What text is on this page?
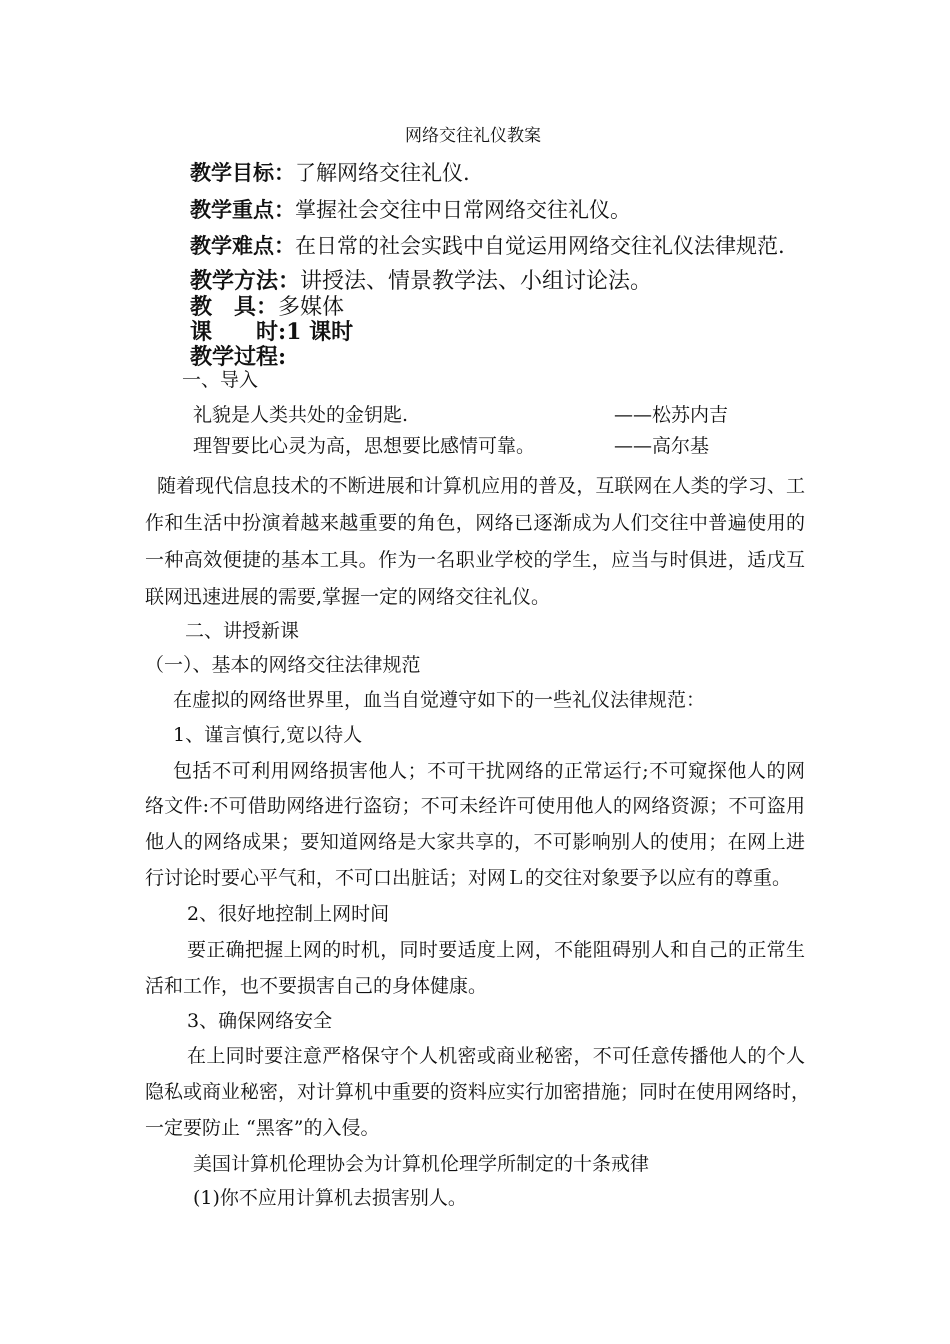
网络交往礼仪教案
教学目标：了解网络交往礼仪.
教学重点：掌握社会交往中日常网络交往礼仪。
教学难点：在日常的社会实践中自觉运用网络交往礼仪法律规范.
教学方法：讲授法、情景教学法、小组讨论法。
教　具：多媒体
课　　时:1 课时
教学过程:
一、导入
礼貌是人类共处的金钥匙.	——松苏内吉
理智要比心灵为高，思想要比感情可靠。	——高尔基
随着现代信息技术的不断进展和计算机应用的普及，互联网在人类的学习、工
作和生活中扮演着越来越重要的角色，网络已逐渐成为人们交往中普遍使用的
一种高效便捷的基本工具。作为一名职业学校的学生，应当与时俱进，适戊互
联网迅速进展的需要,掌握一定的网络交往礼仪。
二、讲授新课
（一）、基本的网络交往法律规范
在虚拟的网络世界里，血当自觉遵守如下的一些礼仪法律规范：
1、谨言慎行,宽以待人
包括不可利用网络损害他人；不可干扰网络的正常运行;不可窥探他人的网
络文件:不可借助网络进行盗窃；不可未经许可使用他人的网络资源；不可盗用
他人的网络成果；要知道网络是大家共享的，不可影响别人的使用；在网上进
行讨论时要心平气和，不可口出脏话；对网Ｌ的交往对象要予以应有的尊重。
2、很好地控制上网时间
要正确把握上网的时机，同时要适度上网，不能阻碍别人和自己的正常生
活和工作，也不要损害自己的身体健康。
3、确保网络安全
在上同时要注意严格保守个人机密或商业秘密，不可任意传播他人的个人
隐私或商业秘密，对计算机中重要的资料应实行加密措施；同时在使用网络时，
一定要防止 “黑客”的入侵。
美国计算机伦理协会为计算机伦理学所制定的十条戒律
(1)你不应用计算机去损害别人。
